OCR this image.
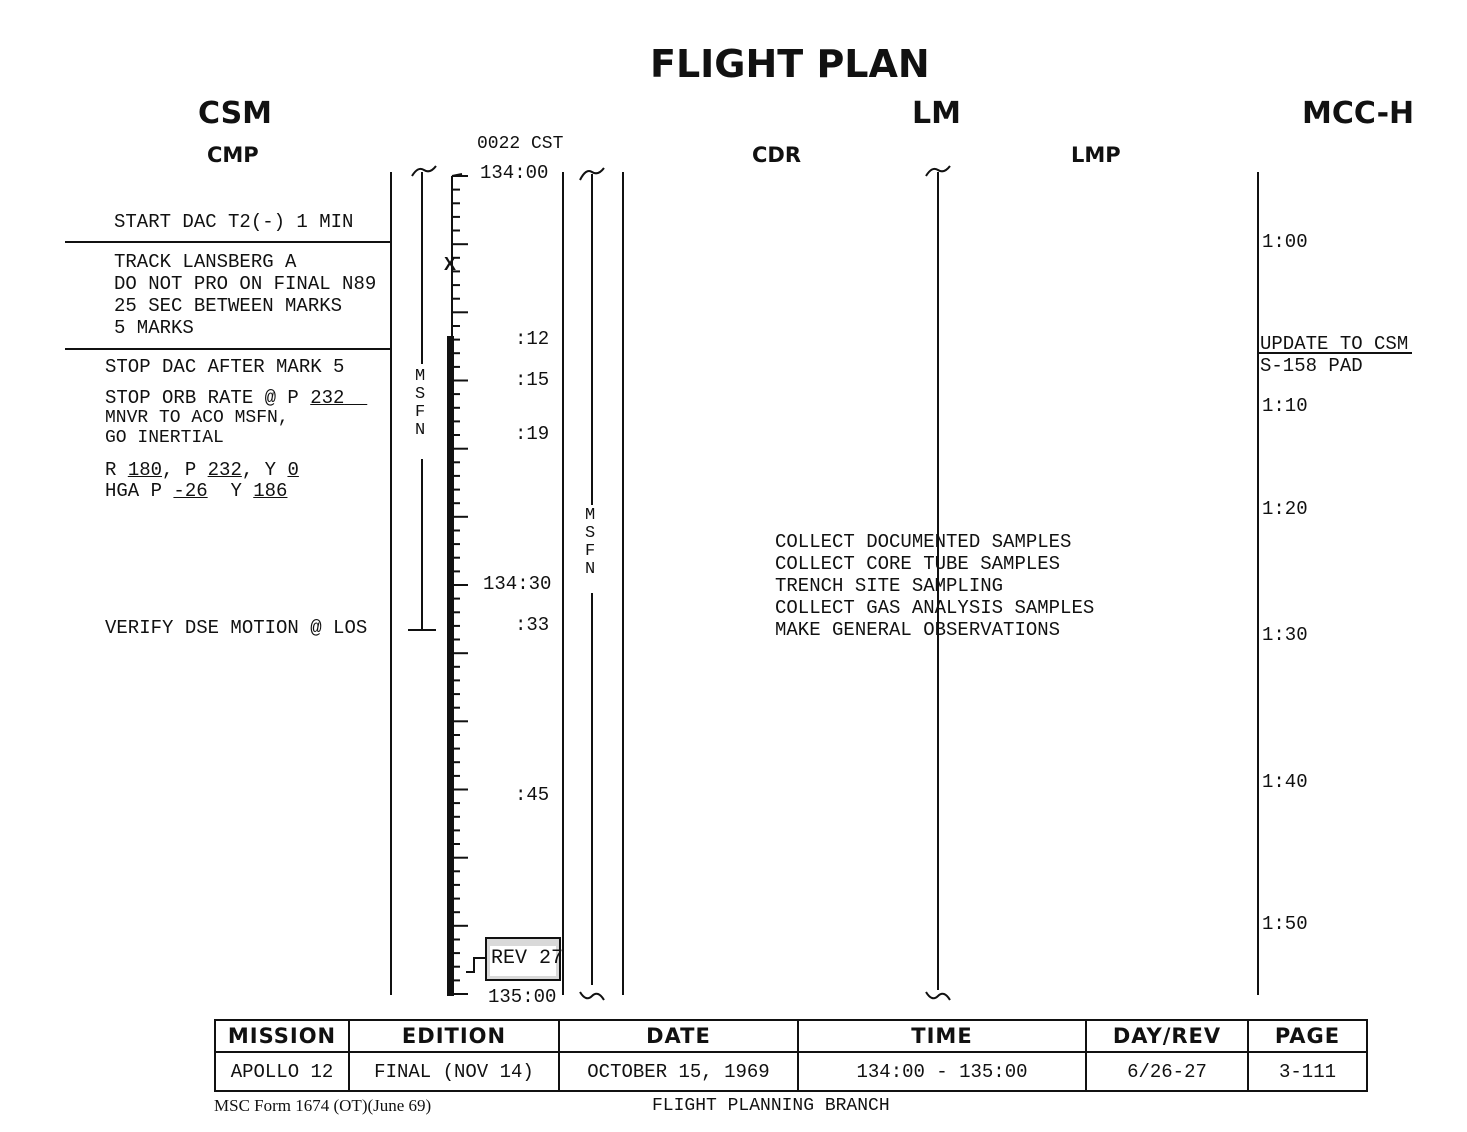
FLIGHT PLAN
CSM	LM	MCC-H
CMP	CDR	LMP
X
0022 CST
134:00
:12
:15
:19
134:30
:33
:45
135:00
REV 27
M
S
F
N
M
S
F
N
START DAC T2(-) 1 MIN
TRACK LANSBERG A
DO NOT PRO ON FINAL N89
25 SEC BETWEEN MARKS
5 MARKS
STOP DAC AFTER MARK 5
STOP ORB RATE @ P 232
MNVR TO ACO MSFN,
GO INERTIAL
R 180, P 232, Y 0
HGA P -26  Y 186
VERIFY DSE MOTION @ LOS
COLLECT DOCUMENTED SAMPLES
COLLECT CORE TUBE SAMPLES
TRENCH SITE SAMPLING
COLLECT GAS ANALYSIS SAMPLES
MAKE GENERAL OBSERVATIONS
1:00
UPDATE TO CSM
S-158 PAD
1:10
1:20
1:30
1:40
1:50
MISSION	EDITION	DATE	TIME	DAY/REV	PAGE
APOLLO 12	FINAL (NOV 14)	OCTOBER 15, 1969	134:00 - 135:00	6/26-27	3-111
MSC Form 1674 (OT)(June 69)	FLIGHT PLANNING BRANCH
